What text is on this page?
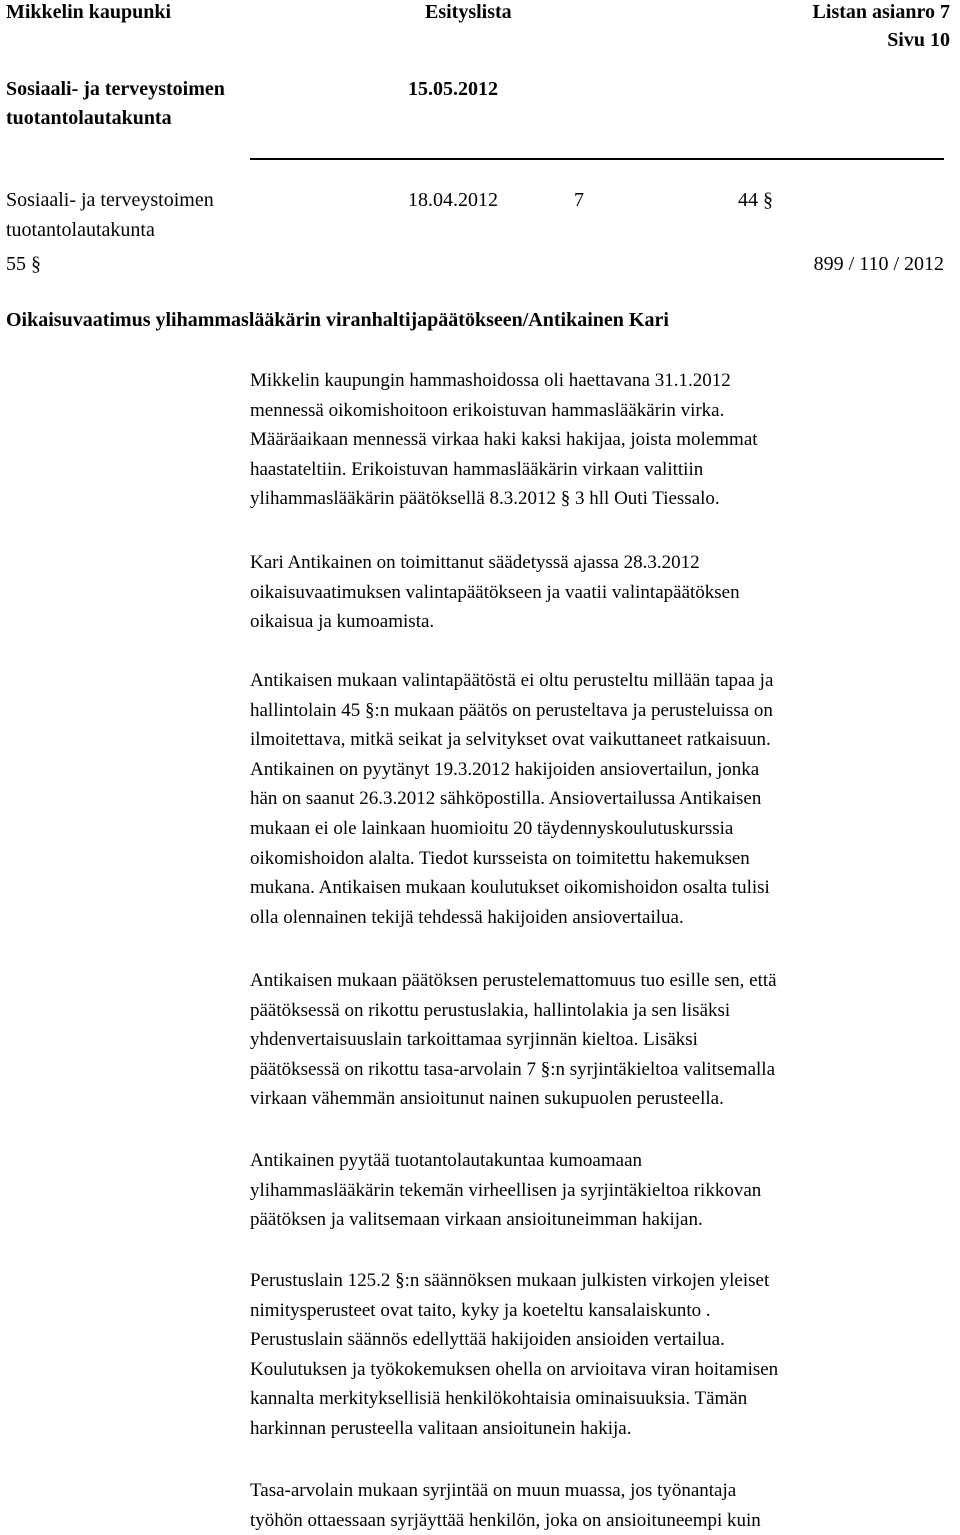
Mikkelin kaupunki	Esityslista	Listan asianro 7
Sivu 10
Sosiaali- ja terveystoimen
tuotantolautakunta
15.05.2012
Sosiaali- ja terveystoimen
tuotantolautakunta
18.04.2012	7	44 §
55 §	899 / 110 / 2012
Oikaisuvaatimus ylihammaslääkärin viranhaltijapäätökseen/Antikainen Kari

Mikkelin kaupungin hammashoidossa oli haettavana 31.1.2012

mennessä oikomishoitoon erikoistuvan hammaslääkärin virka.

Määräaikaan mennessä virkaa haki kaksi hakijaa, joista molemmat

haastateltiin. Erikoistuvan hammaslääkärin virkaan valittiin

ylihammaslääkärin päätöksellä 8.3.2012 § 3 hll Outi Tiessalo.

Kari Antikainen on toimittanut säädetyssä ajassa 28.3.2012

oikaisuvaatimuksen valintapäätökseen ja vaatii valintapäätöksen

oikaisua ja kumoamista.

Antikaisen mukaan valintapäätöstä ei oltu perusteltu millään tapaa ja

hallintolain 45 §:n mukaan päätös on perusteltava ja perusteluissa on

ilmoitettava, mitkä seikat ja selvitykset ovat vaikuttaneet ratkaisuun.

Antikainen on pyytänyt 19.3.2012 hakijoiden ansiovertailun, jonka

hän on saanut 26.3.2012 sähköpostilla. Ansiovertailussa Antikaisen

mukaan ei ole lainkaan huomioitu 20 täydennyskoulutuskurssia

oikomishoidon alalta. Tiedot kursseista on toimitettu hakemuksen

mukana. Antikaisen mukaan koulutukset oikomishoidon osalta tulisi

olla olennainen tekijä tehdessä hakijoiden ansiovertailua.

Antikaisen mukaan päätöksen perustelemattomuus tuo esille sen, että

päätöksessä on rikottu perustuslakia, hallintolakia ja sen lisäksi

yhdenvertaisuuslain tarkoittamaa syrjinnän kieltoa. Lisäksi

päätöksessä on rikottu tasa-arvolain 7 §:n syrjintäkieltoa valitsemalla

virkaan vähemmän ansioitunut nainen sukupuolen perusteella.

Antikainen pyytää tuotantolautakuntaa kumoamaan

ylihammaslääkärin tekemän virheellisen ja syrjintäkieltoa rikkovan

päätöksen ja valitsemaan virkaan ansioituneimman hakijan.

Perustuslain 125.2 §:n säännöksen mukaan julkisten virkojen yleiset

nimitysperusteet ovat taito, kyky ja koeteltu kansalaiskunto .

Perustuslain säännös edellyttää hakijoiden ansioiden vertailua.

Koulutuksen ja työkokemuksen ohella on arvioitava viran hoitamisen

kannalta merkityksellisiä henkilökohtaisia ominaisuuksia. Tämän

harkinnan perusteella valitaan ansioitunein hakija.

Tasa-arvolain mukaan syrjintää on muun muassa, jos työnantaja

työhön ottaessaan syrjäyttää henkilön, joka on ansioituneempi kuin
